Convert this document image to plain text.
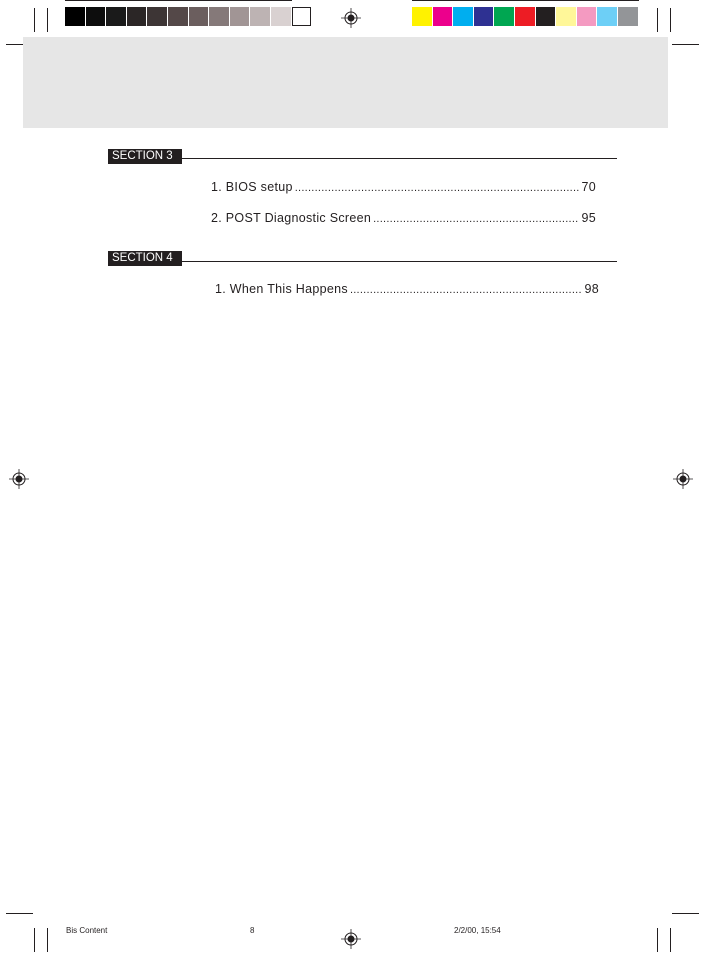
SECTION 3
1. BIOS setup . . .	70
2. POST Diagnostic Screen . . .	95
SECTION 4
1. When This Happens . . .	98
Bis Content	8	2/2/00, 15:54
